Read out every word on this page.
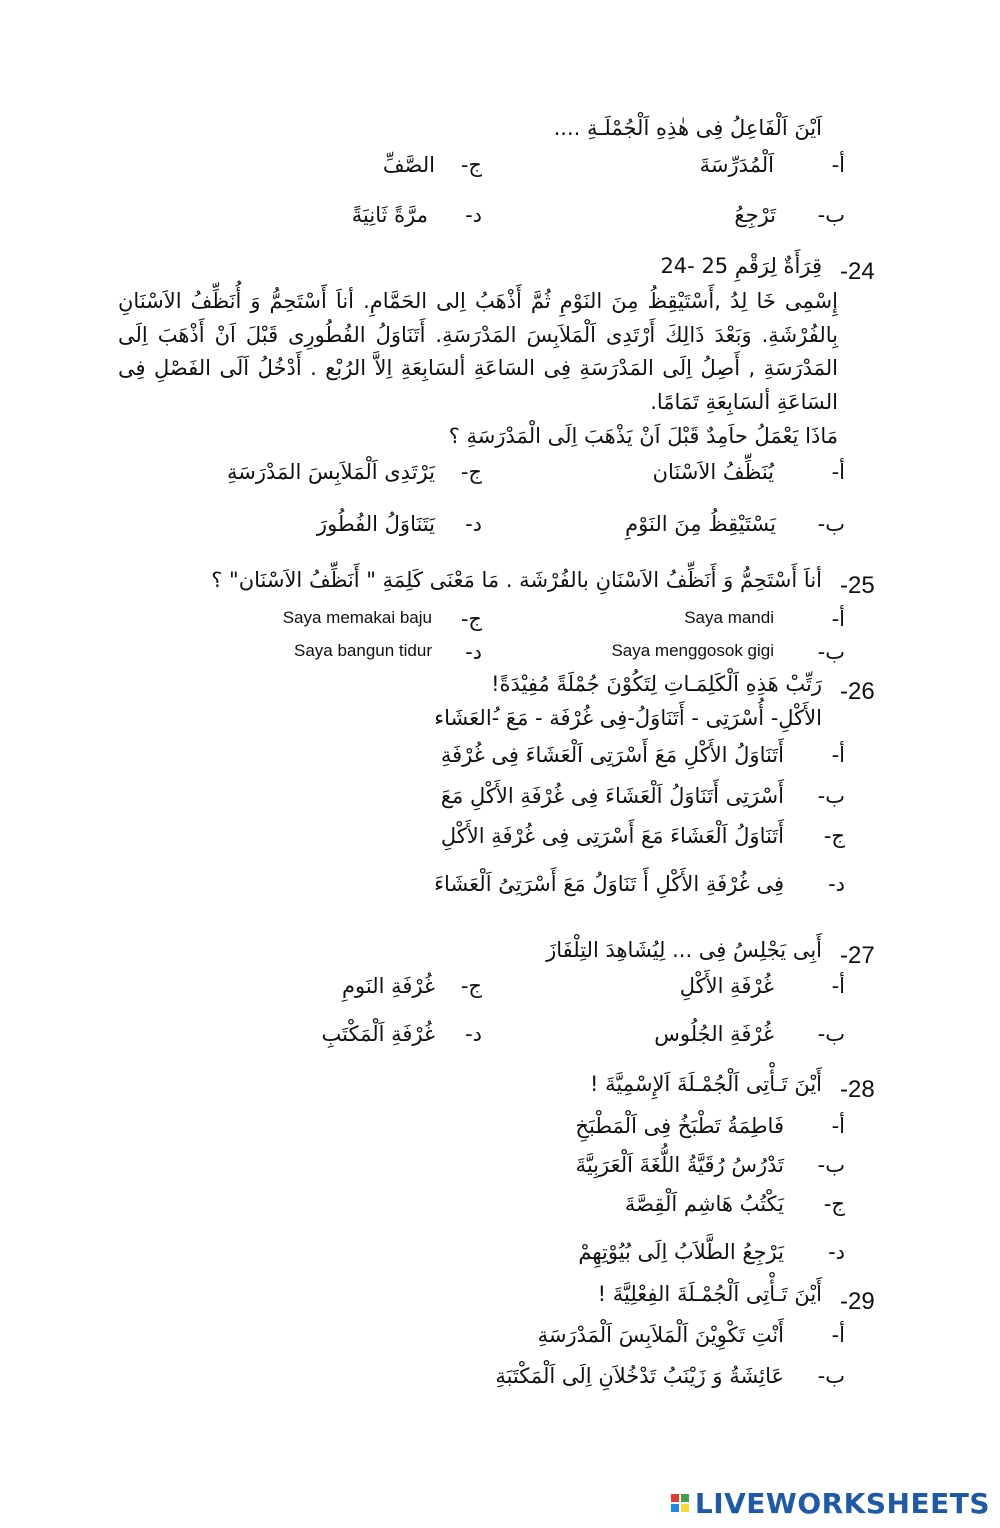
اَيْنَ اَلْفَاعِلُ فِى هٰذِهِ اَلْجُمْلَـةِ ....
أ-
اَلْمُدَرِّسَةَ
ج-
الصَّفِّ
ب-
تَرْجِعُ
د-
مرَّةً ثَانِيَةً
-24
قِرَأَةٌ لِرَقْمِ 25 -24
إِسْمِى خَا لِدُ ,أَسْتَيْقِظُ مِنَ النَوْمِ ثُمَّ أَذْهَبُ اِلى الحَمَّامِ. أناَ أَسْتَحِمُّ وَ أُنَظِّفُ الاَسْنَانِ بِالفُرْشَةِ. وَبَعْدَ ذَالِكَ أَرْتَدِى اَلْمَلاَبِسَ المَدْرَسَةِ. أَتَنَاوَلُ الفُطُورِى قَبْلَ اَنْ أَذْهَبَ اِلَى المَدْرَسَةِ , أَصِلُ اِلَى المَدْرَسَةِ فِى السَاعَةِ ألسَابِعَةِ اِلاَّ الرُبْع . أَدْخُلُ اَلَى الفَصْلِ فِى السَاعَةِ ألسَابِعَةِ تَمَامًا.
مَاذَا يَعْمَلُ حاَمِدٌ قَبْلَ اَنْ يَذْهَبَ اِلَى الْمَدْرَسَةِ ؟
أ-
يُنَظِّفُ الاَسْنَان
ج-
يَرْتَدِى اَلْمَلاَبِسَ المَدْرَسَةِ
ب-
يَسْتَيْقِظُ مِنَ النَوْمِ
د-
يَتَنَاوَلُ الفُطُورَ
-25
أناَ أَسْتَحِمُّ وَ أَنَظِّفُ الاَسْنَانِ بالفُرْشَة . مَا مَعْنَى كَلِمَةِ " أَنَظِّفُ الاَسْنَان" ؟
أ-
Saya mandi
ج-
Saya memakai baju
ب-
Saya menggosok gigi
د-
Saya bangun tidur
-26
رَتِّبْ هَذِهِ اَلْكَلِمَـاتِ لِتَكُوْنَ جُمْلَةً مُفِيْدَةً!
الأَكْلِ- أُسْرَتِى - أَتَنَاوَلُ-فِى غُرْفَة - مَعَ -ُالعَشَاء
أ-
أَتَنَاوَلُ الأَكْلِ مَعَ أَسْرَتِى اَلْعَشَاءَ فِى غُرْفَةِ
ب-
أَسْرَتِى أَتَنَاوَلُ اَلْعَشَاءَ فِى غُرْفَةِ الأَكْلِ مَعَ
ج-
أَتَنَاوَلُ اَلْعَشَاءَ مَعَ أَسْرَتِى فِى غُرْفَةِ الأَكْلِ
د-
فِى غُرْفَةِ الأَكْلِ أَ تَنَاوَلُ مَعَ أَسْرَتِىُ اَلْعَشَاءَ
-27
أَبِى يَجْلِسُ فِى ... لِيُشَاهِدَ التِلْفَازَ
أ-
غُرْفَةِ الأَكْلِ
ج-
غُرْفَةِ النَومِ
ب-
غُرْفَةِ الجُلُوس
د-
غُرْفَةِ اَلْمَكْتَبِ
-28
أَيْنَ تَـأْتِى اَلْجُمْـلَةَ اَلإِسْمِيَّةَ !
أ-
فَاطِمَةُ تَطْبَخُ فِى اَلْمَطْبَخِ
ب-
تَدْرُسُ رُقَيَّةُ اللُّغَةَ اَلْعَرَبِيَّةَ
ج-
يَكْتُبُ هَاشِم اَلْقِصَّةَ
د-
يَرْجِعُ الطَّلاَبُ اِلَى بُيُوْتِهِمْ
-29
أَيْنَ تَـأْتِى اَلْجُمْـلَةَ الفِعْلِيَّةَ !
أ-
أَنْتِ تَكْوِيْنَ اَلْمَلاَبِسَ اَلْمَدْرَسَةِ
ب-
عَائِشَةُ وَ زَيْنَبُ تَدْخُلاَنِ اِلَى اَلْمَكْتَبَةِ
LIVEWORKSHEETS
